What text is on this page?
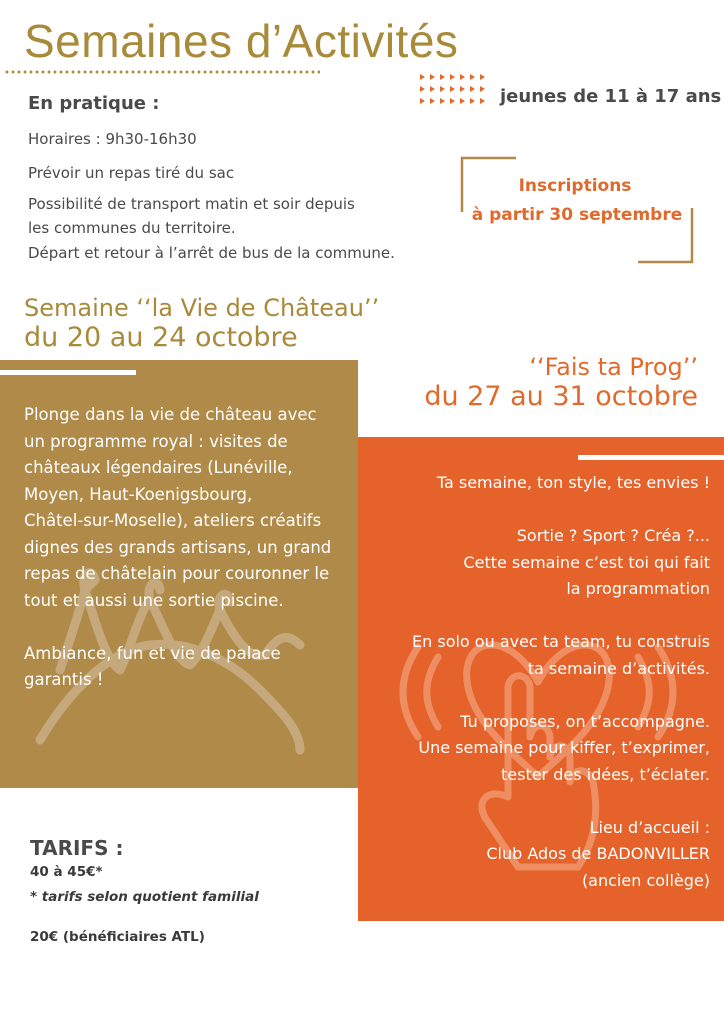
Semaines d’Activités
jeunes de 11 à 17 ans
En pratique :
Horaires : 9h30-16h30
Prévoir un repas tiré du sac
Possibilité de transport matin et soir depuis
les communes du territoire.
Départ et retour à l’arrêt de bus de la commune.
Inscriptions
à partir 30 septembre
Semaine ‘‘la Vie de Château’’
du 20 au 24 octobre

Plonge dans la vie de château avec
un programme royal : visites de
châteaux légendaires (Lunéville,
Moyen, Haut-Koenigsbourg,
Châtel-sur-Moselle), ateliers créatifs
dignes des grands artisans, un grand
repas de châtelain pour couronner le
tout et aussi une sortie piscine.

Ambiance, fun et vie de palace
garantis !

‘‘Fais ta Prog’’
du 27 au 31 octobre

Ta semaine, ton style, tes envies !

Sortie ? Sport ? Créa ?...
Cette semaine c’est toi qui fait
la programmation

En solo ou avec ta team, tu construis
ta semaine d’activités.

Tu proposes, on t’accompagne.
Une semaine pour kiffer, t’exprimer,
tester des idées, t’éclater.

Lieu d’accueil :
Club Ados de BADONVILLER
(ancien collège)

TARIFS :
40 à 45€*
* tarifs selon quotient familial
20€ (bénéficiaires ATL)
